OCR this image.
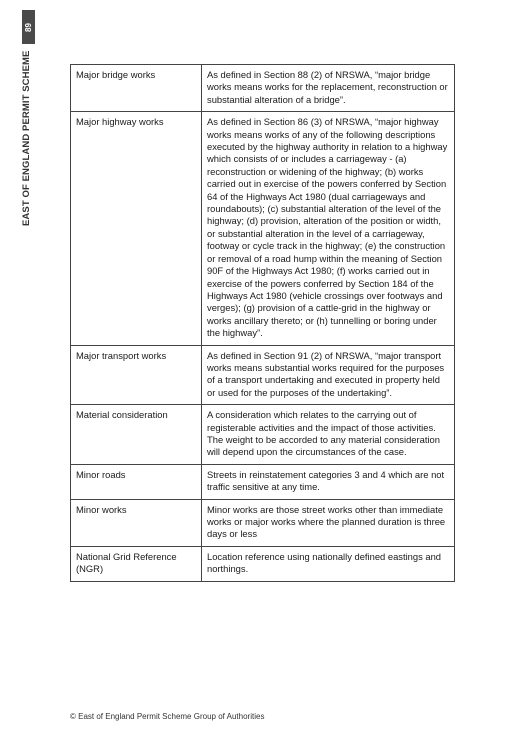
89
EAST OF ENGLAND PERMIT SCHEME	Major bridge works	As defined in Section 88 (2) of NRSWA, “major bridge works means works for the replacement, reconstruction or substantial alteration of a bridge”.
Major highway works	As defined in Section 86 (3) of NRSWA, “major highway works means works of any of the following descriptions executed by the highway authority in relation to a highway which consists of or includes a carriageway - (a) reconstruction or widening of the highway; (b) works carried out in exercise of the powers conferred by Section 64 of the Highways Act 1980 (dual carriageways and roundabouts); (c) substantial alteration of the level of the highway; (d) provision, alteration of the position or width, or substantial alteration in the level of a carriageway, footway or cycle track in the highway; (e) the construction or removal of a road hump within the meaning of Section 90F of the Highways Act 1980; (f) works carried out in exercise of the powers conferred by Section 184 of the Highways Act 1980 (vehicle crossings over footways and verges); (g) provision of a cattle-grid in the highway or works ancillary thereto; or (h) tunnelling or boring under the highway”.
Major transport works	As defined in Section 91 (2) of NRSWA, “major transport works means substantial works required for the purposes of a transport undertaking and executed in property held or used for the purposes of the undertaking”.
Material consideration	A consideration which relates to the carrying out of registerable activities and the impact of those activities. The weight to be accorded to any material consideration will depend upon the circumstances of the case.
Minor roads	Streets in reinstatement categories 3 and 4 which are not traffic sensitive at any time.
Minor works	Minor works are those street works other than immediate works or major works where the planned duration is three days or less
National Grid Reference (NGR)	Location reference using nationally defined eastings and northings.
© East of England Permit Scheme Group of Authorities
